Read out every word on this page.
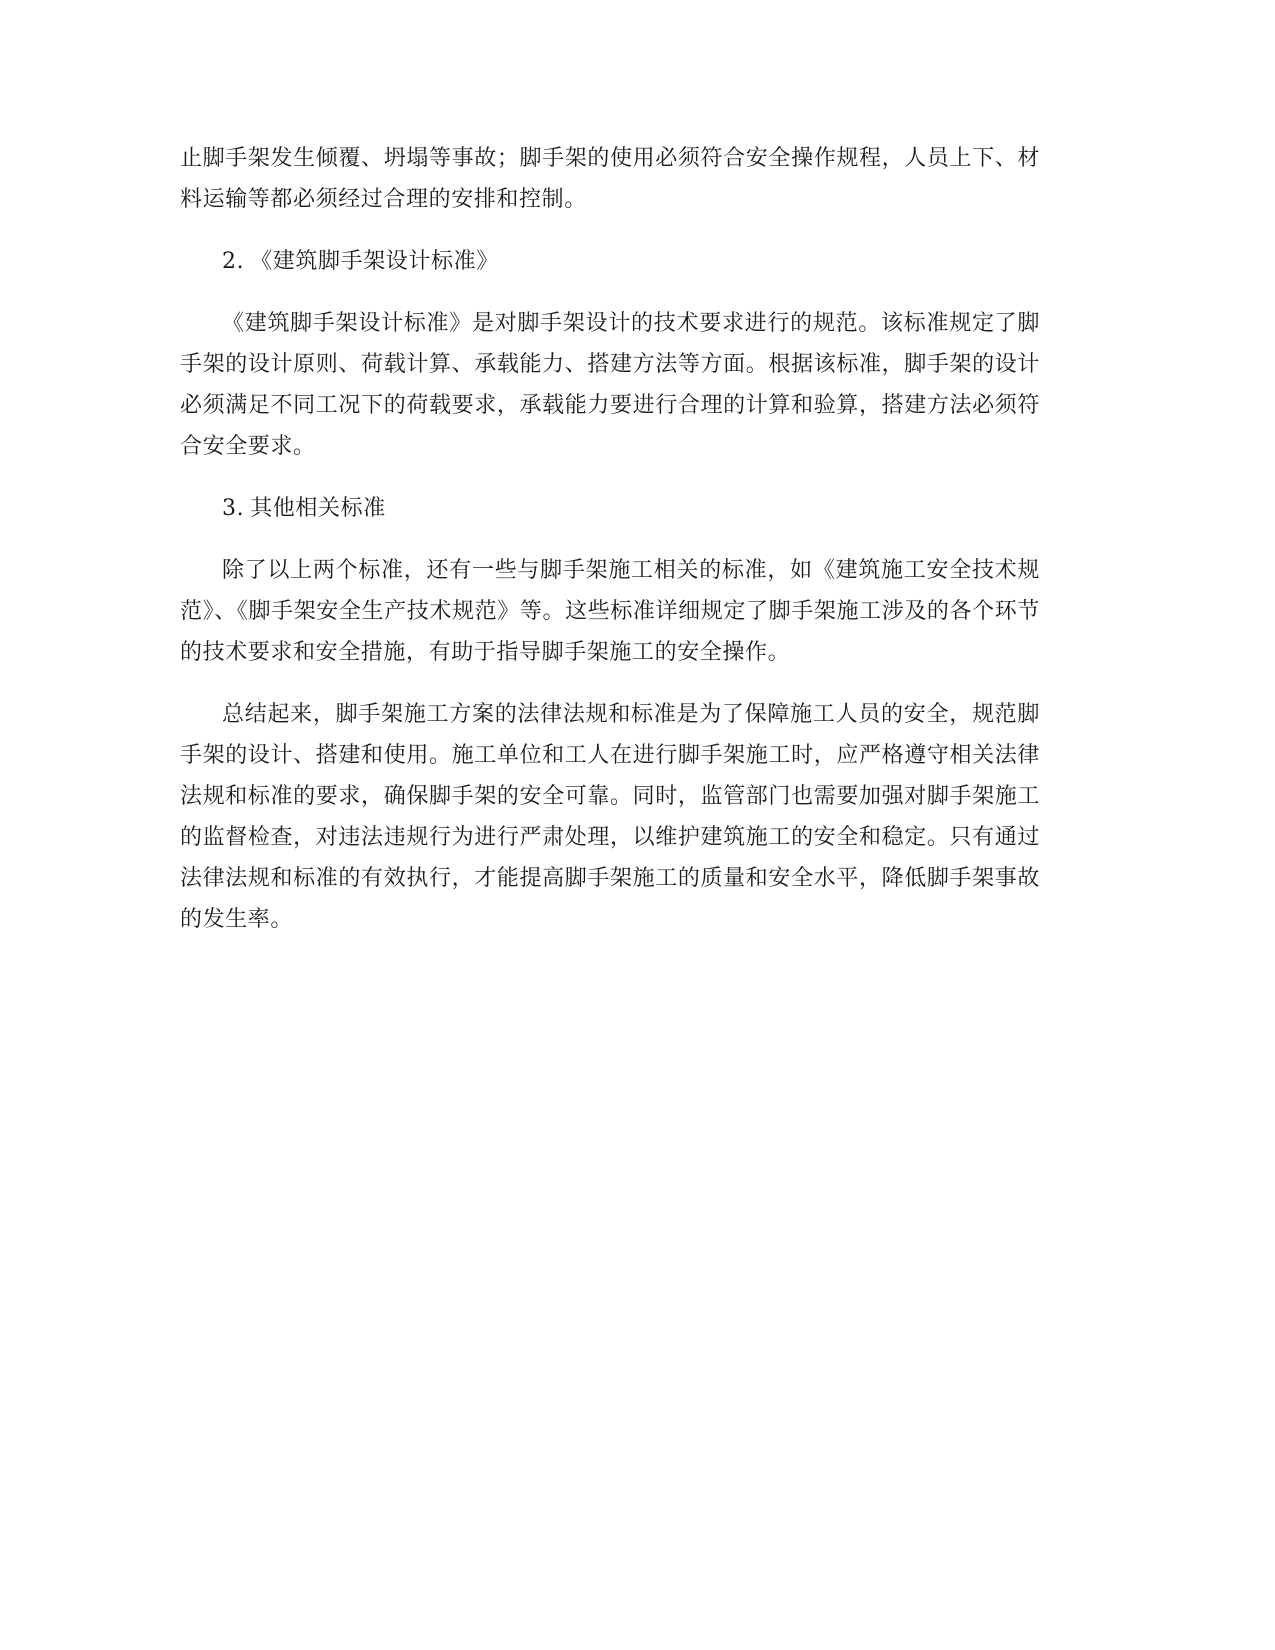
止脚手架发生倾覆、坍塌等事故；脚手架的使用必须符合安全操作规程，人员上下、材料运输等都必须经过合理的安排和控制。

2. 《建筑脚手架设计标准》

《建筑脚手架设计标准》是对脚手架设计的技术要求进行的规范。该标准规定了脚手架的设计原则、荷载计算、承载能力、搭建方法等方面。根据该标准，脚手架的设计必须满足不同工况下的荷载要求，承载能力要进行合理的计算和验算，搭建方法必须符合安全要求。

3. 其他相关标准

除了以上两个标准，还有一些与脚手架施工相关的标准，如《建筑施工安全技术规范》、《脚手架安全生产技术规范》等。这些标准详细规定了脚手架施工涉及的各个环节的技术要求和安全措施，有助于指导脚手架施工的安全操作。

总结起来，脚手架施工方案的法律法规和标准是为了保障施工人员的安全，规范脚手架的设计、搭建和使用。施工单位和工人在进行脚手架施工时，应严格遵守相关法律法规和标准的要求，确保脚手架的安全可靠。同时，监管部门也需要加强对脚手架施工的监督检查，对违法违规行为进行严肃处理，以维护建筑施工的安全和稳定。只有通过法律法规和标准的有效执行，才能提高脚手架施工的质量和安全水平，降低脚手架事故的发生率。
